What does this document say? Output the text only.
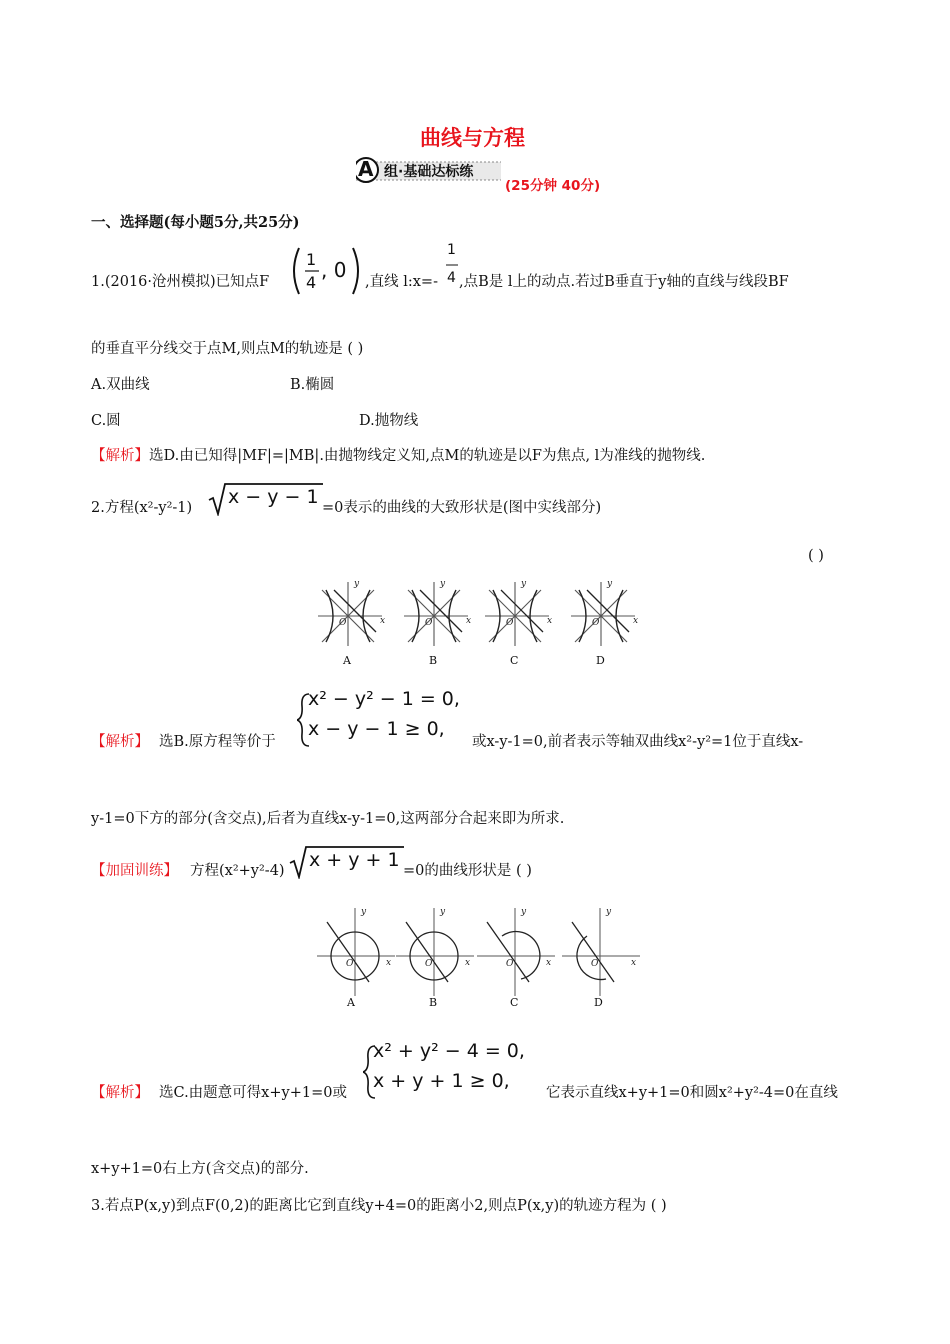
曲线与方程
A 组·基础达标练
(25分钟 40分)
一、选择题(每小题5分,共25分)
1.(2016·沧州模拟)已知点F
1
4
, 0 ,直线 l:x=-
1
4 ,点B是 l上的动点.若过B垂直于y轴的直线与线段BF
的垂直平分线交于点M,则点M的轨迹是 ( )
A.双曲线	B.椭圆
C.圆	D.抛物线
【解析】选D.由已知得|MF|=|MB|.由抛物线定义知,点M的轨迹是以F为焦点, l为准线的抛物线.
2.方程(x²-y²-1) x − y − 1 =0表示的曲线的大致形状是(图中实线部分)
( )
y
x
O
y
x
O
y
x
O
y
x
O
A	B	C	D
【解析】 选B.原方程等价于
x² − y² − 1 = 0,
x − y − 1 ≥ 0,
或x-y-1=0,前者表示等轴双曲线x²-y²=1位于直线x-
y-1=0下方的部分(含交点),后者为直线x-y-1=0,这两部分合起来即为所求.
【加固训练】 方程(x²+y²-4) x + y + 1 =0的曲线形状是 ( )
y
x
O
y
x
O
y
x
O
y
x
O
A	B	C	D
【解析】 选C.由题意可得x+y+1=0或
x² + y² − 4 = 0,
x + y + 1 ≥ 0,
它表示直线x+y+1=0和圆x²+y²-4=0在直线
x+y+1=0右上方(含交点)的部分.
3.若点P(x,y)到点F(0,2)的距离比它到直线y+4=0的距离小2,则点P(x,y)的轨迹方程为 ( )
